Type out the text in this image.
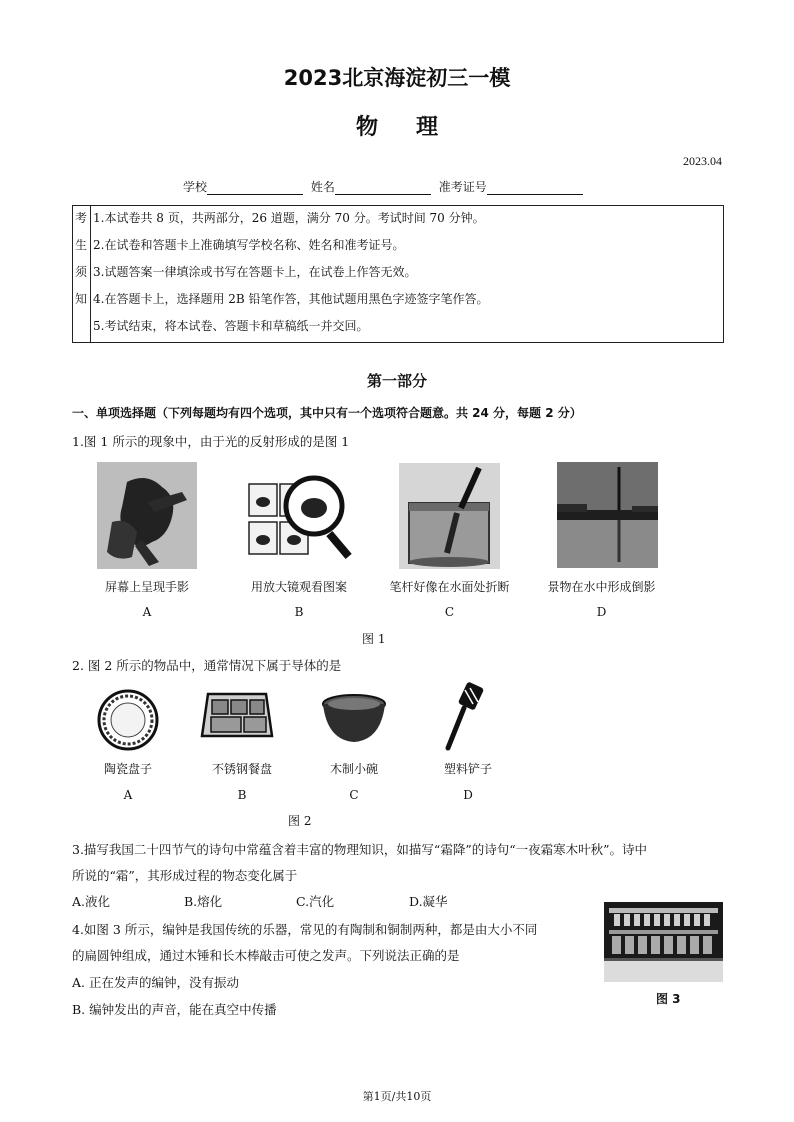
2023北京海淀初三一模
物理
2023.04
学校	姓名	准考证号
考
生
须
知
1.本试卷共 8 页，共两部分，26 道题，满分 70 分。考试时间 70 分钟。
2.在试卷和答题卡上准确填写学校名称、姓名和准考证号。
3.试题答案一律填涂或书写在答题卡上，在试卷上作答无效。
4.在答题卡上，选择题用 2B 铅笔作答，其他试题用黑色字迹签字笔作答。
5.考试结束，将本试卷、答题卡和草稿纸一并交回。
第一部分
一、单项选择题（下列每题均有四个选项，其中只有一个选项符合题意。共 24 分，每题 2 分）
1.图 1 所示的现象中，由于光的反射形成的是图 1
屏幕上呈现手影	用放大镜观看图案	笔杆好像在水面处折断	景物在水中形成倒影
A	B	C	D
图 1
2. 图 2 所示的物品中，通常情况下属于导体的是
陶瓷盘子	不锈钢餐盘	木制小碗	塑料铲子
A	B	C	D
图 2
3.描写我国二十四节气的诗句中常蕴含着丰富的物理知识，如描写“霜降”的诗句“一夜霜寒木叶秋”。诗中
所说的“霜”，其形成过程的物态变化属于
A.液化	B.熔化	C.汽化	D.凝华
4.如图 3 所示，编钟是我国传统的乐器，常见的有陶制和铜制两种，都是由大小不同
的扁圆钟组成，通过木锤和长木棒敲击可使之发声。下列说法正确的是
A. 正在发声的编钟，没有振动
B. 编钟发出的声音，能在真空中传播
图 3
第1页/共10页
